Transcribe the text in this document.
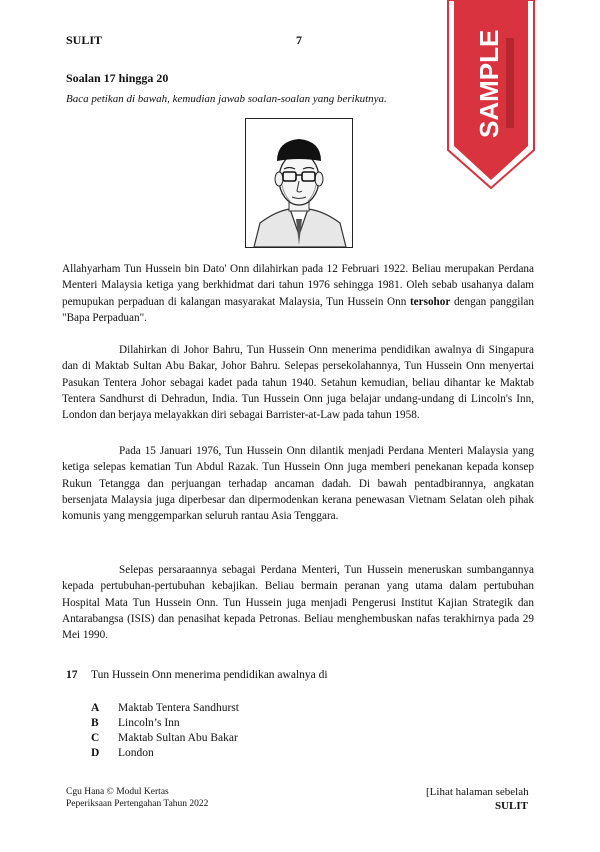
SULIT	7	SAMPLE
Soalan 17 hingga 20
Baca petikan di bawah, kemudian jawab soalan-soalan yang berikutnya.

Allahyarham Tun Hussein bin Dato' Onn dilahirkan pada 12 Februari 1922. Beliau merupakan Perdana Menteri Malaysia ketiga yang berkhidmat dari tahun 1976 sehingga 1981. Oleh sebab usahanya dalam pemupukan perpaduan di kalangan masyarakat Malaysia, Tun Hussein Onn tersohor dengan panggilan "Bapa Perpaduan".

Dilahirkan di Johor Bahru, Tun Hussein Onn menerima pendidikan awalnya di Singapura dan di Maktab Sultan Abu Bakar, Johor Bahru. Selepas persekolahannya, Tun Hussein Onn menyertai Pasukan Tentera Johor sebagai kadet pada tahun 1940. Setahun kemudian, beliau dihantar ke Maktab Tentera Sandhurst di Dehradun, India. Tun Hussein Onn juga belajar undang-undang di Lincoln's Inn, London dan berjaya melayakkan diri sebagai Barrister-at-Law pada tahun 1958.

Pada 15 Januari 1976, Tun Hussein Onn dilantik menjadi Perdana Menteri Malaysia yang ketiga selepas kematian Tun Abdul Razak. Tun Hussein Onn juga memberi penekanan kepada konsep Rukun Tetangga dan perjuangan terhadap ancaman dadah. Di bawah pentadbirannya, angkatan bersenjata Malaysia juga diperbesar dan dipermodenkan kerana penewasan Vietnam Selatan oleh pihak komunis yang menggemparkan seluruh rantau Asia Tenggara.

Selepas persaraannya sebagai Perdana Menteri, Tun Hussein meneruskan sumbangannya kepada pertubuhan-pertubuhan kebajikan. Beliau bermain peranan yang utama dalam pertubuhan Hospital Mata Tun Hussein Onn. Tun Hussein juga menjadi Pengerusi Institut Kajian Strategik dan Antarabangsa (ISIS) dan penasihat kepada Petronas. Beliau menghembuskan nafas terakhirnya pada 29 Mei 1990.

17 Tun Hussein Onn menerima pendidikan awalnya di
A Maktab Tentera Sandhurst
B Lincoln’s Inn
C Maktab Sultan Abu Bakar
D London
Cgu Hana © Modul Kertas
Peperiksaan Pertengahan Tahun 2022
[Lihat halaman sebelah
SULIT
